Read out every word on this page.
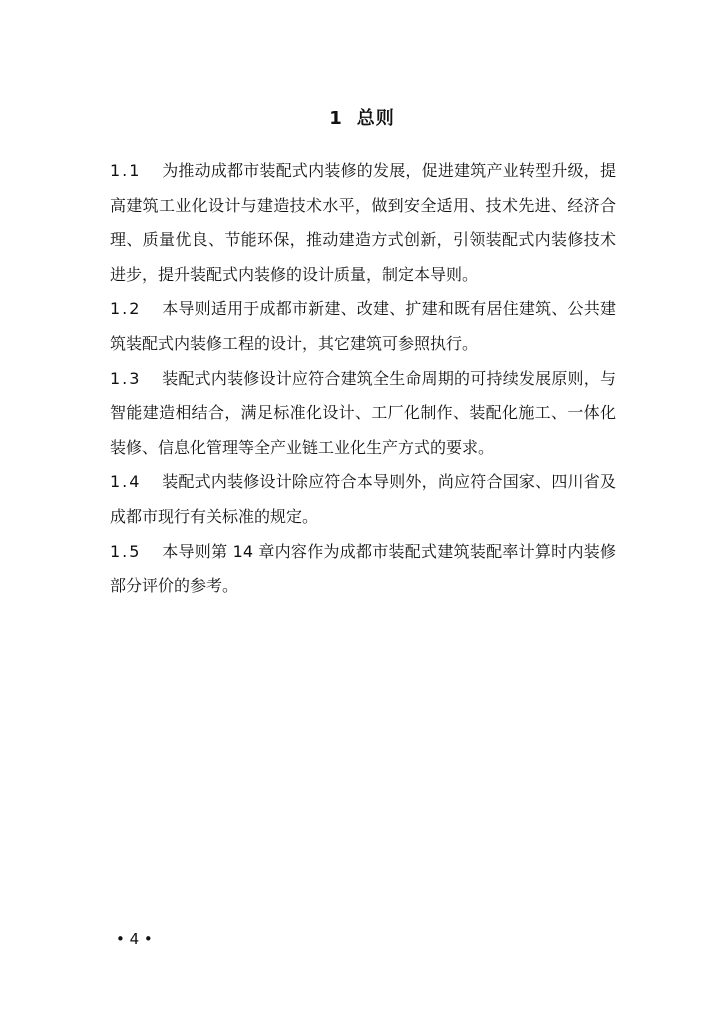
1 总则

1.1 为推动成都市装配式内装修的发展，促进建筑产业转型升级，提高建筑工业化设计与建造技术水平，做到安全适用、技术先进、经济合理、质量优良、节能环保，推动建造方式创新，引领装配式内装修技术进步，提升装配式内装修的设计质量，制定本导则。

1.2 本导则适用于成都市新建、改建、扩建和既有居住建筑、公共建筑装配式内装修工程的设计，其它建筑可参照执行。

1.3 装配式内装修设计应符合建筑全生命周期的可持续发展原则，与智能建造相结合，满足标准化设计、工厂化制作、装配化施工、一体化装修、信息化管理等全产业链工业化生产方式的要求。

1.4 装配式内装修设计除应符合本导则外，尚应符合国家、四川省及成都市现行有关标准的规定。

1.5 本导则第 14 章内容作为成都市装配式建筑装配率计算时内装修部分评价的参考。

• 4 •
